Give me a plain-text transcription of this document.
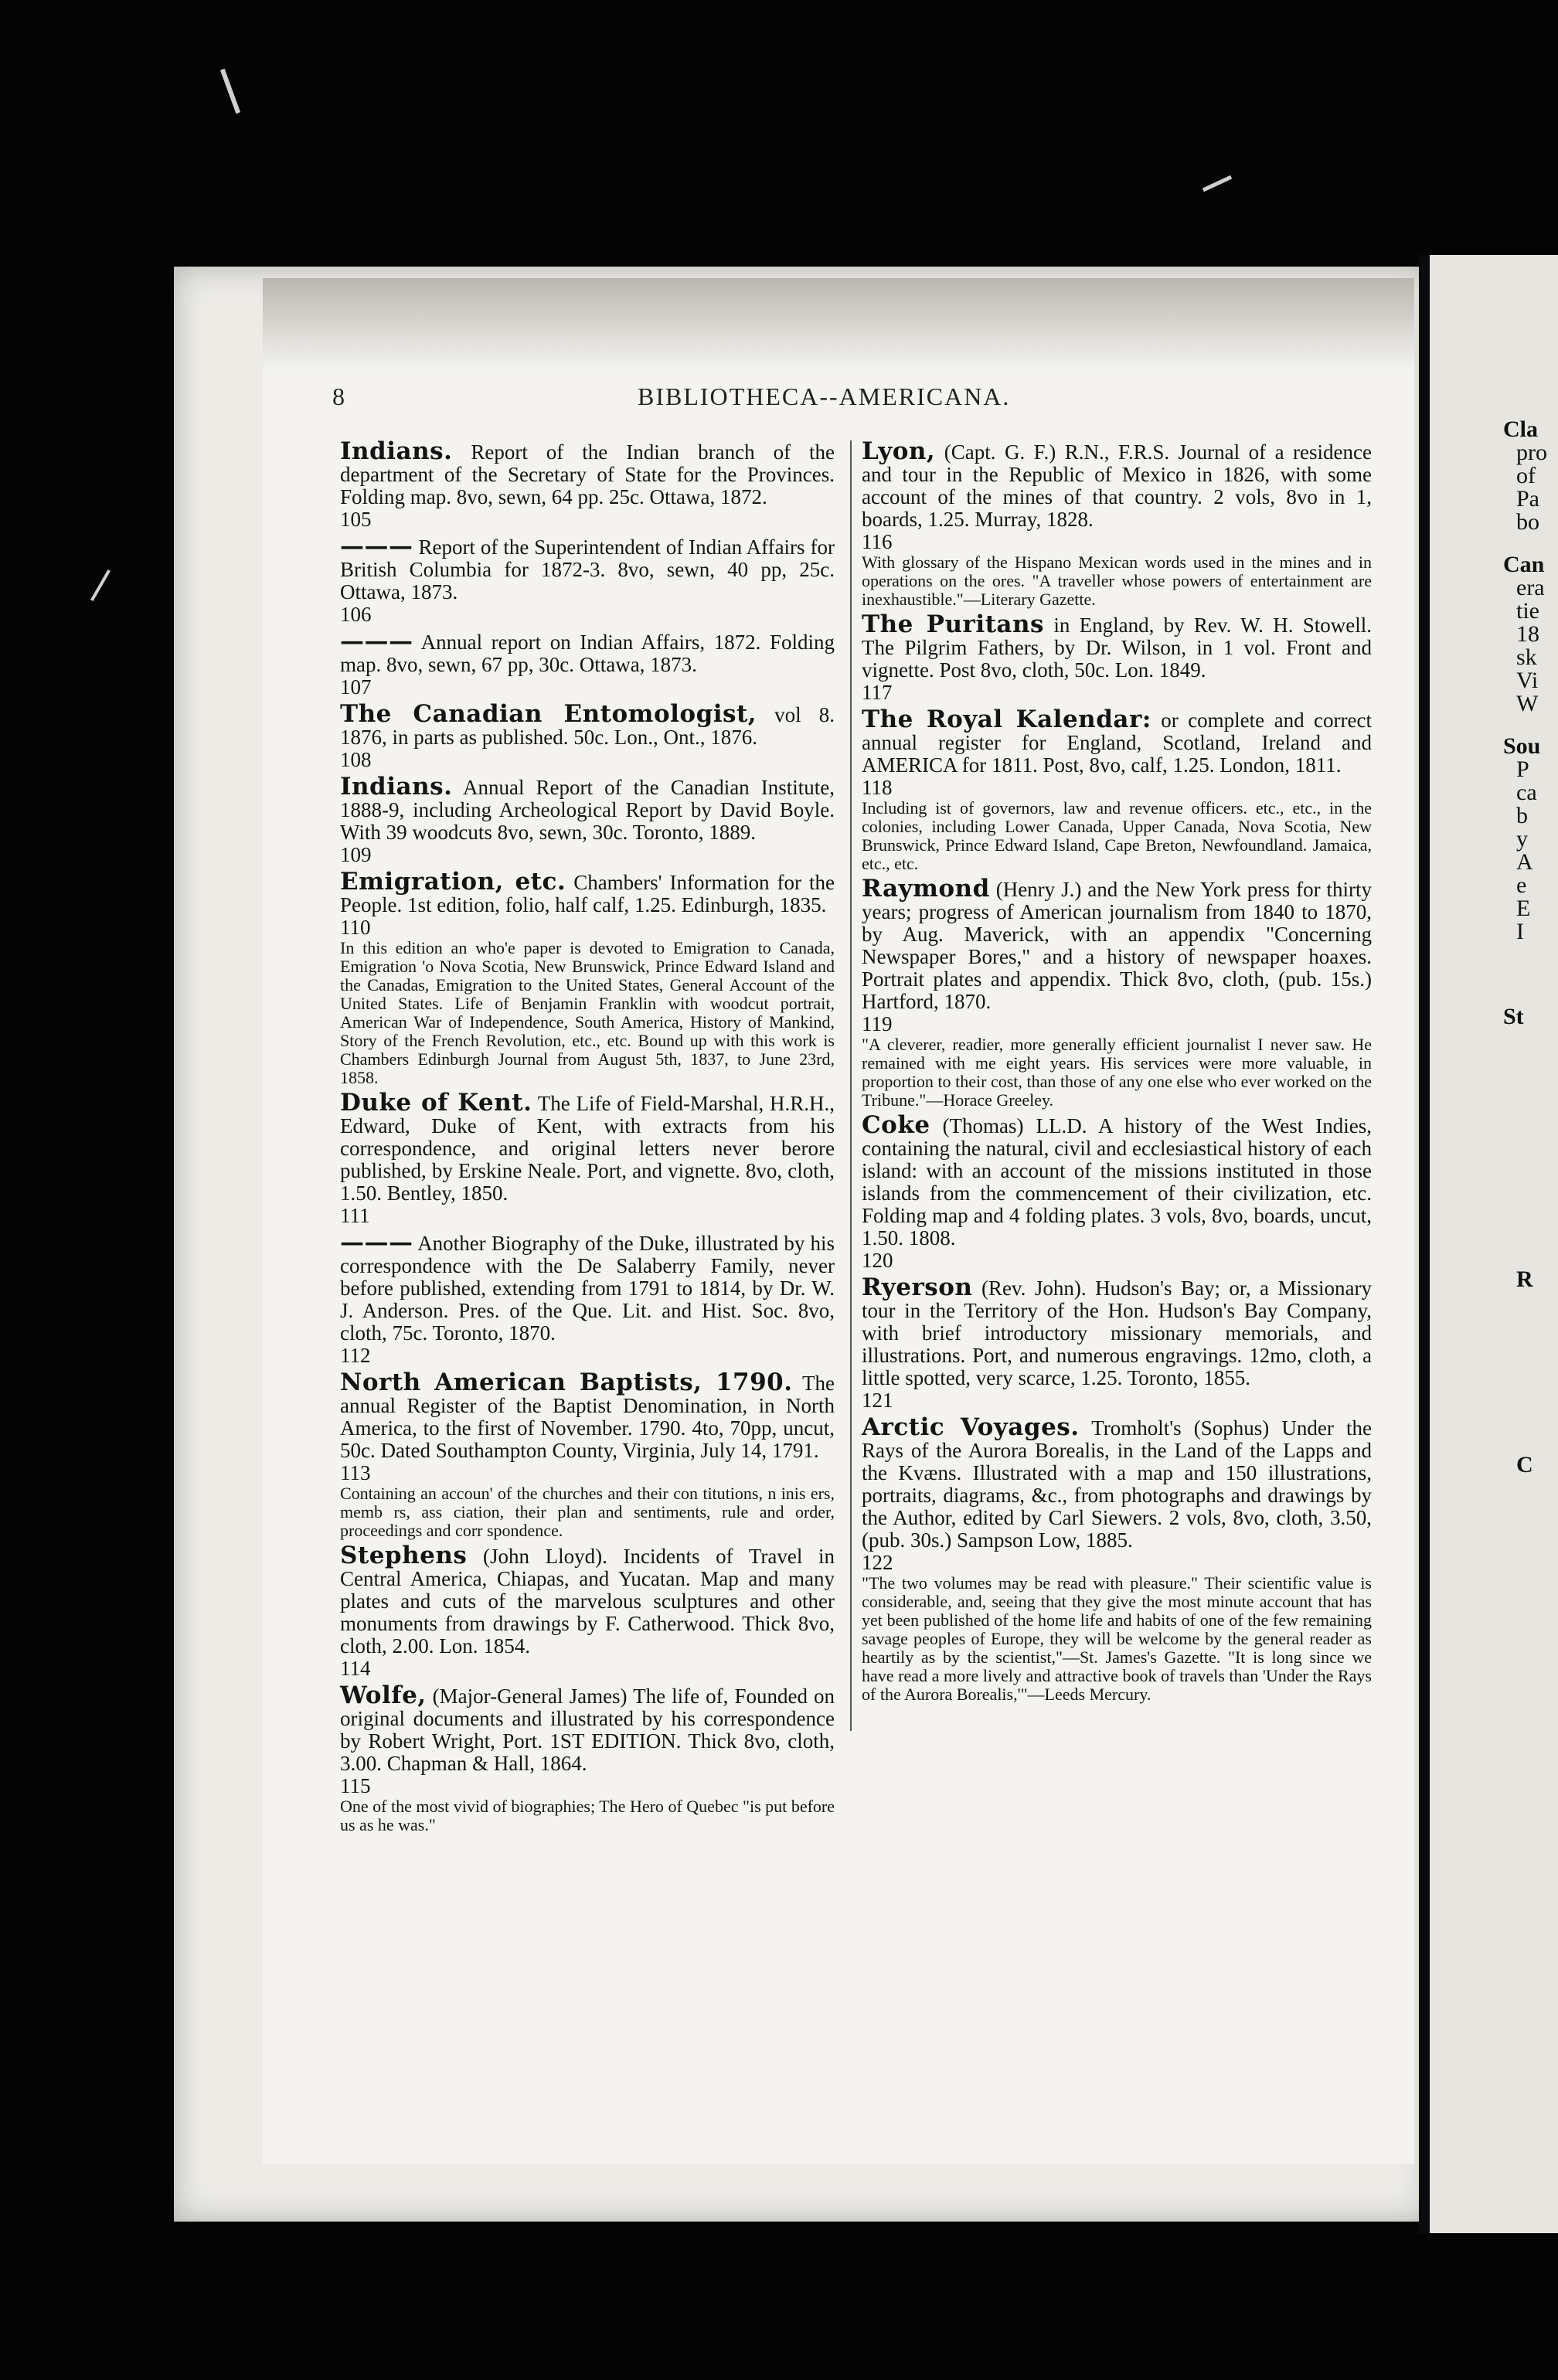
Cla
pro
of
Pa
bo
Can
era
tie
18
sk
Vi
W
Sou
P
ca
b
y
A
e
E
I
St
R
C
8	BIBLIOTHECA--AMERICANA.

Indians. Report of the Indian branch of the department of the Secretary of State for the Provinces. Folding map. 8vo, sewn, 64 pp. 25c. Ottawa, 1872.

105

——— Report of the Superintendent of Indian Affairs for British Columbia for 1872-3. 8vo, sewn, 40 pp, 25c. Ottawa, 1873.

106

——— Annual report on Indian Affairs, 1872. Folding map. 8vo, sewn, 67 pp, 30c. Ottawa, 1873.

107

The Canadian Entomologist, vol 8. 1876, in parts as published. 50c. Lon., Ont., 1876.

108

Indians. Annual Report of the Canadian Institute, 1888-9, including Archeological Report by David Boyle. With 39 woodcuts 8vo, sewn, 30c. Toronto, 1889.

109

Emigration, etc. Chambers' Information for the People. 1st edition, folio, half calf, 1.25. Edinburgh, 1835.

110

In this edition an who'e paper is devoted to Emigration to Canada, Emigration 'o Nova Scotia, New Brunswick, Prince Edward Island and the Canadas, Emigration to the United States, General Account of the United States. Life of Benjamin Franklin with woodcut portrait, American War of Independence, South America, History of Mankind, Story of the French Revolution, etc., etc. Bound up with this work is Chambers Edinburgh Journal from August 5th, 1837, to June 23rd, 1858.

Duke of Kent. The Life of Field-Marshal, H.R.H., Edward, Duke of Kent, with extracts from his correspondence, and original letters never berore published, by Erskine Neale. Port, and vignette. 8vo, cloth, 1.50. Bentley, 1850.

111

——— Another Biography of the Duke, illustrated by his correspondence with the De Salaberry Family, never before published, extending from 1791 to 1814, by Dr. W. J. Anderson. Pres. of the Que. Lit. and Hist. Soc. 8vo, cloth, 75c. Toronto, 1870.

112

North American Baptists, 1790. The annual Register of the Baptist Denomination, in North America, to the first of November. 1790. 4to, 70pp, uncut, 50c. Dated Southampton County, Virginia, July 14, 1791.

113

Containing an accoun' of the churches and their con titutions, n inis ers, memb rs, ass ciation, their plan and sentiments, rule and order, proceedings and corr spondence.

Stephens (John Lloyd). Incidents of Travel in Central America, Chiapas, and Yucatan. Map and many plates and cuts of the marvelous sculptures and other monuments from drawings by F. Catherwood. Thick 8vo, cloth, 2.00. Lon. 1854.

114

Wolfe, (Major-General James) The life of, Founded on original documents and illustrated by his correspondence by Robert Wright, Port. 1ST EDITION. Thick 8vo, cloth, 3.00. Chapman & Hall, 1864.

115

One of the most vivid of biographies; The Hero of Quebec "is put before us as he was."

Lyon, (Capt. G. F.) R.N., F.R.S. Journal of a residence and tour in the Republic of Mexico in 1826, with some account of the mines of that country. 2 vols, 8vo in 1, boards, 1.25. Murray, 1828.

116

With glossary of the Hispano Mexican words used in the mines and in operations on the ores. "A traveller whose powers of entertainment are inexhaustible."—Literary Gazette.

The Puritans in England, by Rev. W. H. Stowell. The Pilgrim Fathers, by Dr. Wilson, in 1 vol. Front and vignette. Post 8vo, cloth, 50c. Lon. 1849.

117

The Royal Kalendar: or complete and correct annual register for England, Scotland, Ireland and AMERICA for 1811. Post, 8vo, calf, 1.25. London, 1811.

118

Including ist of governors, law and revenue officers. etc., etc., in the colonies, including Lower Canada, Upper Canada, Nova Scotia, New Brunswick, Prince Edward Island, Cape Breton, Newfoundland. Jamaica, etc., etc.

Raymond (Henry J.) and the New York press for thirty years; progress of American journalism from 1840 to 1870, by Aug. Maverick, with an appendix "Concerning Newspaper Bores," and a history of newspaper hoaxes. Portrait plates and appendix. Thick 8vo, cloth, (pub. 15s.) Hartford, 1870.

119

"A cleverer, readier, more generally efficient journalist I never saw. He remained with me eight years. His services were more valuable, in proportion to their cost, than those of any one else who ever worked on the Tribune."—Horace Greeley.

Coke (Thomas) LL.D. A history of the West Indies, containing the natural, civil and ecclesiastical history of each island: with an account of the missions instituted in those islands from the commencement of their civilization, etc. Folding map and 4 folding plates. 3 vols, 8vo, boards, uncut, 1.50. 1808.

120

Ryerson (Rev. John). Hudson's Bay; or, a Missionary tour in the Territory of the Hon. Hudson's Bay Company, with brief introductory missionary memorials, and illustrations. Port, and numerous engravings. 12mo, cloth, a little spotted, very scarce, 1.25. Toronto, 1855.

121

Arctic Voyages. Tromholt's (Sophus) Under the Rays of the Aurora Borealis, in the Land of the Lapps and the Kvæns. Illustrated with a map and 150 illustrations, portraits, diagrams, &c., from photographs and drawings by the Author, edited by Carl Siewers. 2 vols, 8vo, cloth, 3.50, (pub. 30s.) Sampson Low, 1885.

122

"The two volumes may be read with pleasure." Their scientific value is considerable, and, seeing that they give the most minute account that has yet been published of the home life and habits of one of the few remaining savage peoples of Europe, they will be welcome by the general reader as heartily as by the scientist,"—St. James's Gazette. "It is long since we have read a more lively and attractive book of travels than 'Under the Rays of the Aurora Borealis,'"—Leeds Mercury.
